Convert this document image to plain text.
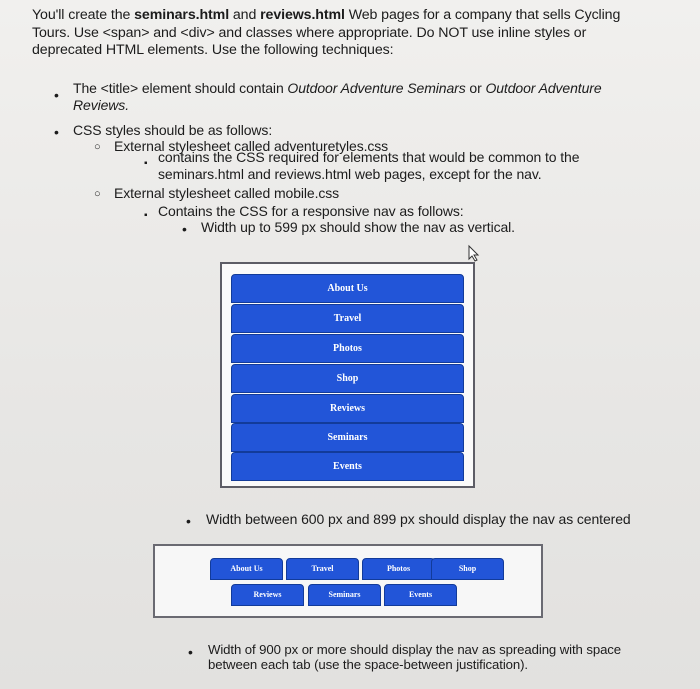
You'll create the seminars.html and reviews.html Web pages for a company that sells Cycling
Tours. Use <span> and <div> and classes where appropriate. Do NOT use inline styles or
deprecated HTML elements. Use the following techniques:
• The <title> element should contain Outdoor Adventure Seminars or Outdoor Adventure
Reviews.
• CSS styles should be as follows:
○ External stylesheet called adventuretyles.css
▪ contains the CSS required for elements that would be common to the
seminars.html and reviews.html web pages, except for the nav.
○ External stylesheet called mobile.css
▪ Contains the CSS for a responsive nav as follows:
• Width up to 599 px should show the nav as vertical.
About Us
Travel
Photos
Shop
Reviews
Seminars
Events
• Width between 600 px and 899 px should display the nav as centered
About Us	Travel	Photos	Shop
Reviews	Seminars	Events
• Width of 900 px or more should display the nav as spreading with space
between each tab (use the space-between justification).
